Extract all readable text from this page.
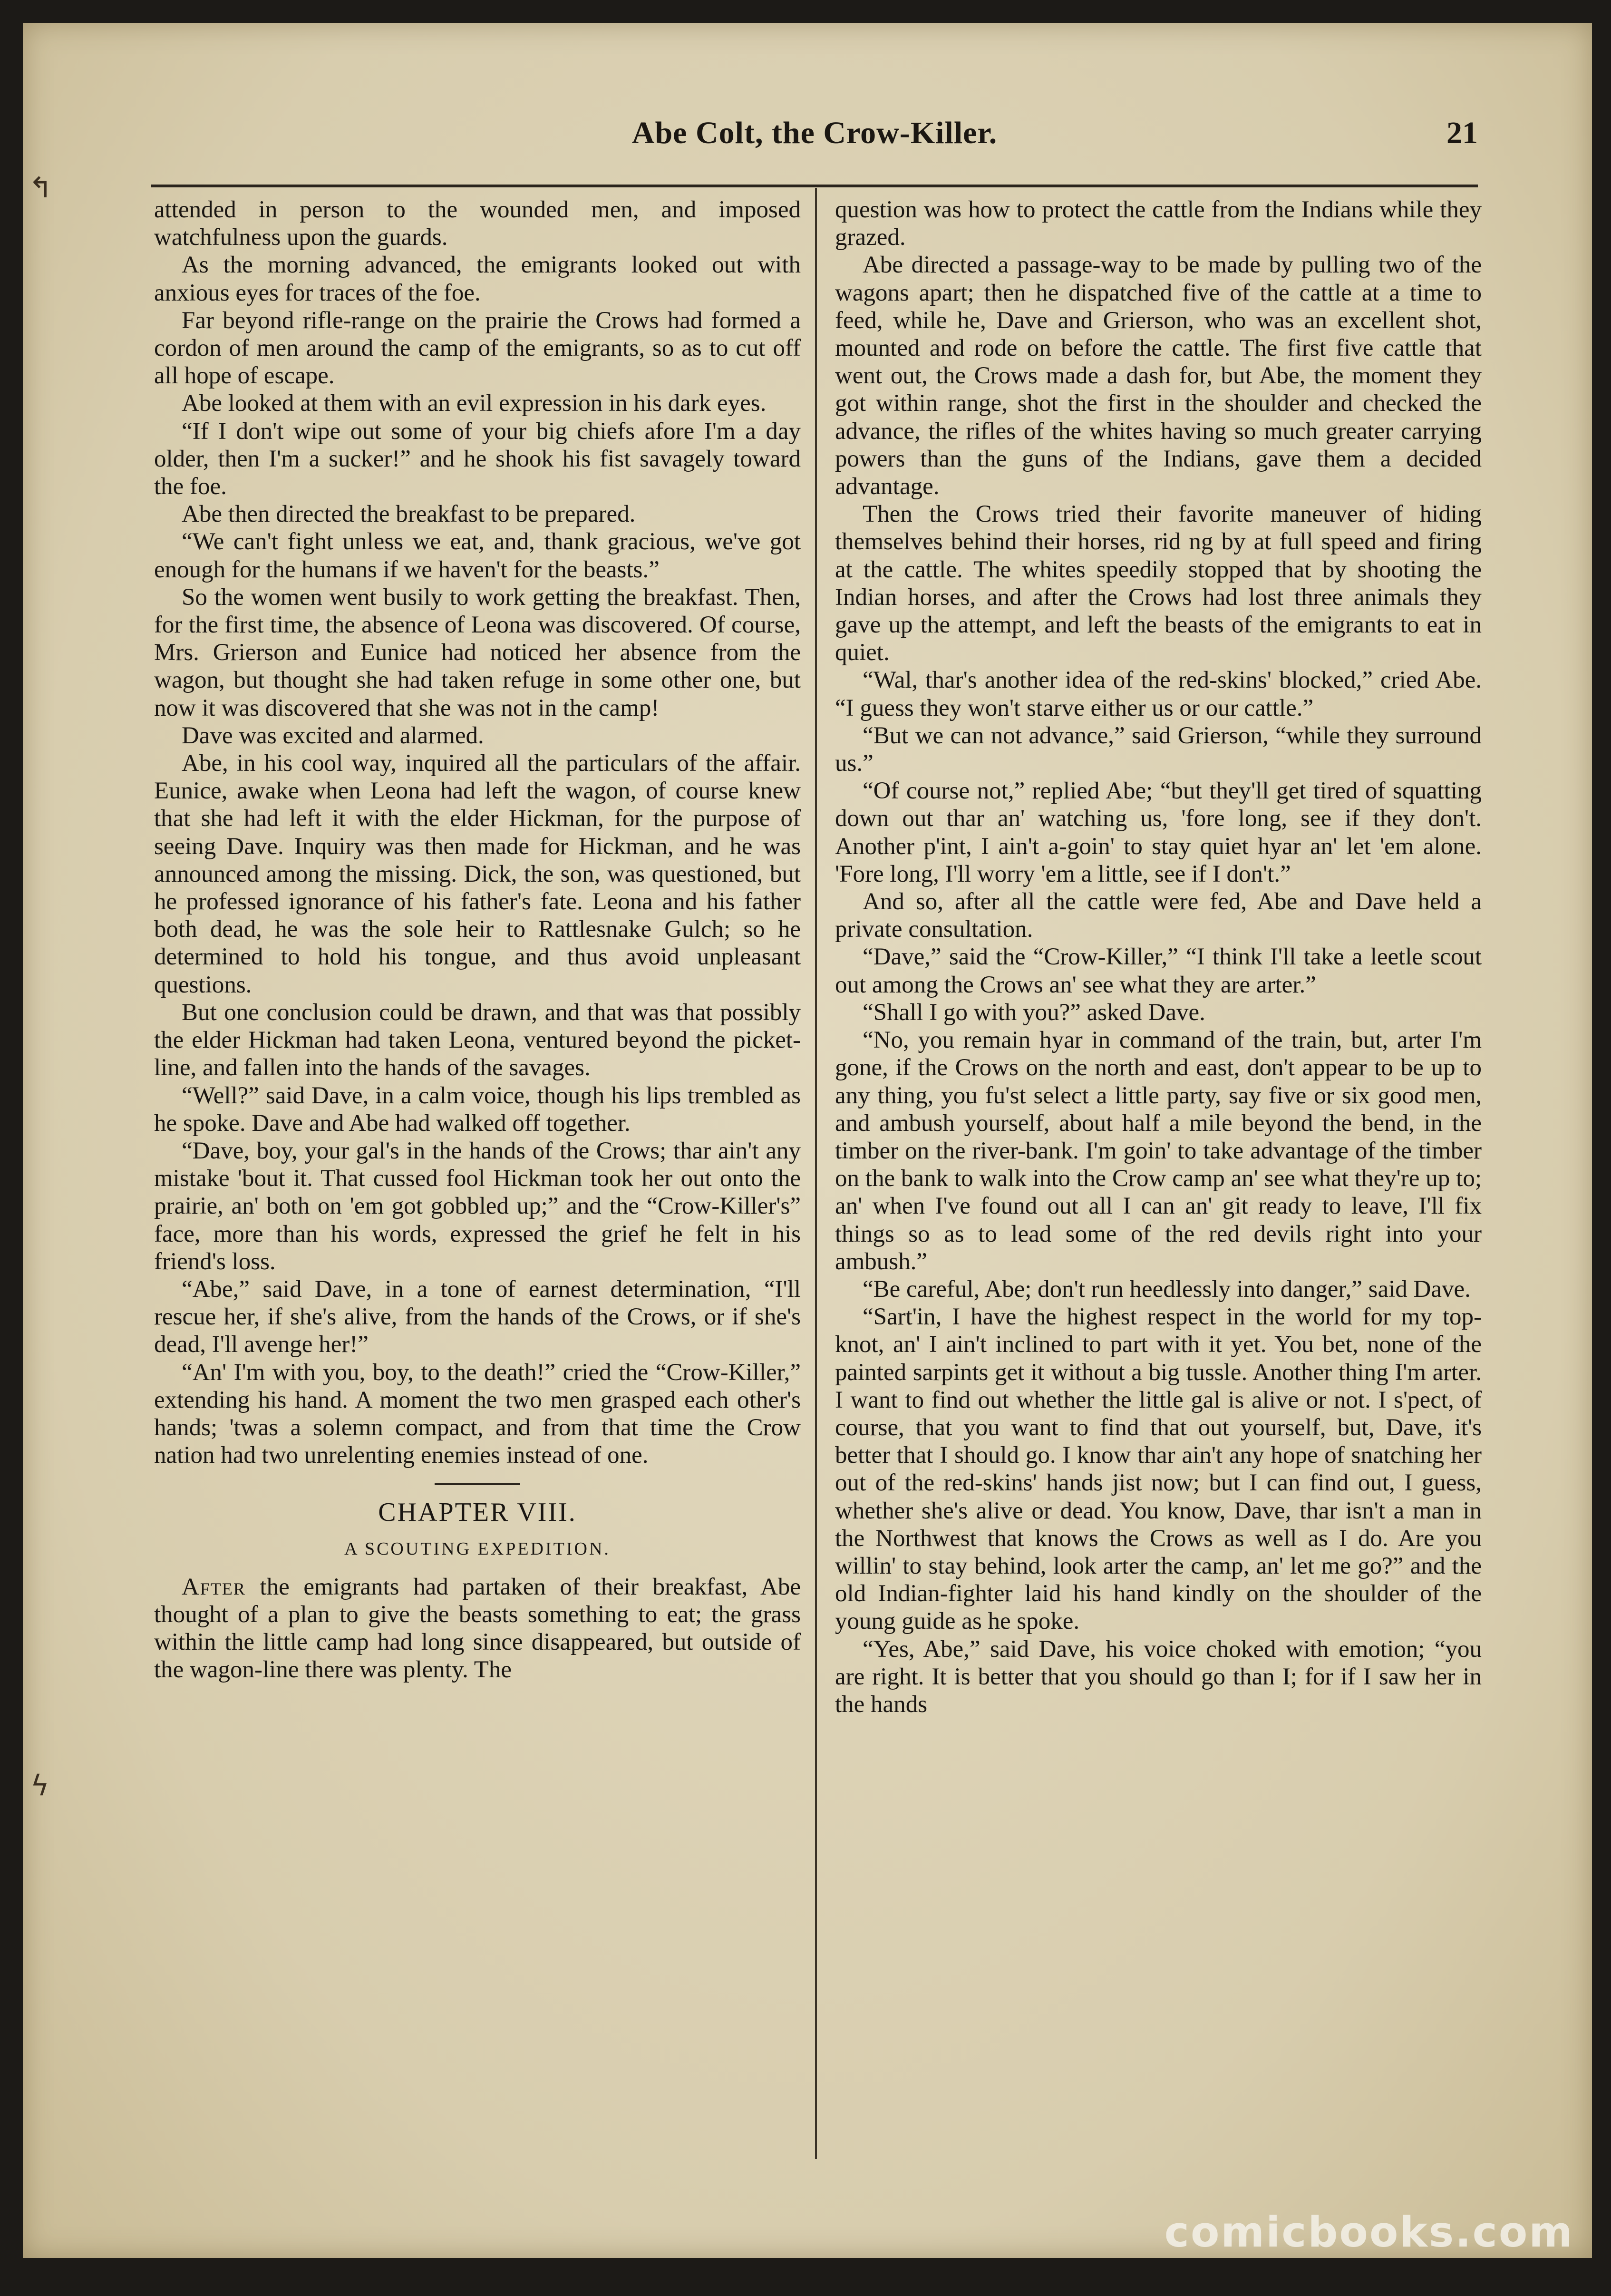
Abe Colt, the Crow-Killer.	21
↰
ϟ

attended in person to the wounded men, and imposed watchfulness upon the guards.

As the morning advanced, the emigrants looked out with anxious eyes for traces of the foe.

Far beyond rifle-range on the prairie the Crows had formed a cordon of men around the camp of the emigrants, so as to cut off all hope of escape.

Abe looked at them with an evil expression in his dark eyes.

“If I don't wipe out some of your big chiefs afore I'm a day older, then I'm a sucker!” and he shook his fist savagely toward the foe.

Abe then directed the breakfast to be prepared.

“We can't fight unless we eat, and, thank gracious, we've got enough for the humans if we haven't for the beasts.”

So the women went busily to work getting the breakfast. Then, for the first time, the absence of Leona was discovered. Of course, Mrs. Grierson and Eunice had noticed her absence from the wagon, but thought she had taken refuge in some other one, but now it was discovered that she was not in the camp!

Dave was excited and alarmed.

Abe, in his cool way, inquired all the particulars of the affair. Eunice, awake when Leona had left the wagon, of course knew that she had left it with the elder Hickman, for the purpose of seeing Dave. Inquiry was then made for Hickman, and he was announced among the missing. Dick, the son, was questioned, but he professed ignorance of his father's fate. Leona and his father both dead, he was the sole heir to Rattlesnake Gulch; so he determined to hold his tongue, and thus avoid unpleasant questions.

But one conclusion could be drawn, and that was that possibly the elder Hickman had taken Leona, ventured beyond the picket-line, and fallen into the hands of the savages.

“Well?” said Dave, in a calm voice, though his lips trembled as he spoke. Dave and Abe had walked off together.

“Dave, boy, your gal's in the hands of the Crows; thar ain't any mistake 'bout it. That cussed fool Hickman took her out onto the prairie, an' both on 'em got gobbled up;” and the “Crow-Killer's” face, more than his words, expressed the grief he felt in his friend's loss.

“Abe,” said Dave, in a tone of earnest determination, “I'll rescue her, if she's alive, from the hands of the Crows, or if she's dead, I'll avenge her!”

“An' I'm with you, boy, to the death!” cried the “Crow-Killer,” extending his hand. A moment the two men grasped each other's hands; 'twas a solemn compact, and from that time the Crow nation had two unrelenting enemies instead of one.

CHAPTER VIII.
A SCOUTING EXPEDITION.

After the emigrants had partaken of their breakfast, Abe thought of a plan to give the beasts something to eat; the grass within the little camp had long since disappeared, but outside of the wagon-line there was plenty. The

question was how to protect the cattle from the Indians while they grazed.

Abe directed a passage-way to be made by pulling two of the wagons apart; then he dispatched five of the cattle at a time to feed, while he, Dave and Grierson, who was an excellent shot, mounted and rode on before the cattle. The first five cattle that went out, the Crows made a dash for, but Abe, the moment they got within range, shot the first in the shoulder and checked the advance, the rifles of the whites having so much greater carrying powers than the guns of the Indians, gave them a decided advantage.

Then the Crows tried their favorite maneuver of hiding themselves behind their horses, rid ng by at full speed and firing at the cattle. The whites speedily stopped that by shooting the Indian horses, and after the Crows had lost three animals they gave up the attempt, and left the beasts of the emigrants to eat in quiet.

“Wal, thar's another idea of the red-skins' blocked,” cried Abe. “I guess they won't starve either us or our cattle.”

“But we can not advance,” said Grierson, “while they surround us.”

“Of course not,” replied Abe; “but they'll get tired of squatting down out thar an' watching us, 'fore long, see if they don't. Another p'int, I ain't a-goin' to stay quiet hyar an' let 'em alone. 'Fore long, I'll worry 'em a little, see if I don't.”

And so, after all the cattle were fed, Abe and Dave held a private consultation.

“Dave,” said the “Crow-Killer,” “I think I'll take a leetle scout out among the Crows an' see what they are arter.”

“Shall I go with you?” asked Dave.

“No, you remain hyar in command of the train, but, arter I'm gone, if the Crows on the north and east, don't appear to be up to any thing, you fu'st select a little party, say five or six good men, and ambush yourself, about half a mile beyond the bend, in the timber on the river-bank. I'm goin' to take advantage of the timber on the bank to walk into the Crow camp an' see what they're up to; an' when I've found out all I can an' git ready to leave, I'll fix things so as to lead some of the red devils right into your ambush.”

“Be careful, Abe; don't run heedlessly into danger,” said Dave.

“Sart'in, I have the highest respect in the world for my top-knot, an' I ain't inclined to part with it yet. You bet, none of the painted sarpints get it without a big tussle. Another thing I'm arter. I want to find out whether the little gal is alive or not. I s'pect, of course, that you want to find that out yourself, but, Dave, it's better that I should go. I know thar ain't any hope of snatching her out of the red-skins' hands jist now; but I can find out, I guess, whether she's alive or dead. You know, Dave, thar isn't a man in the Northwest that knows the Crows as well as I do. Are you willin' to stay behind, look arter the camp, an' let me go?” and the old Indian-fighter laid his hand kindly on the shoulder of the young guide as he spoke.

“Yes, Abe,” said Dave, his voice choked with emotion; “you are right. It is better that you should go than I; for if I saw her in the hands

comicbooks.com
